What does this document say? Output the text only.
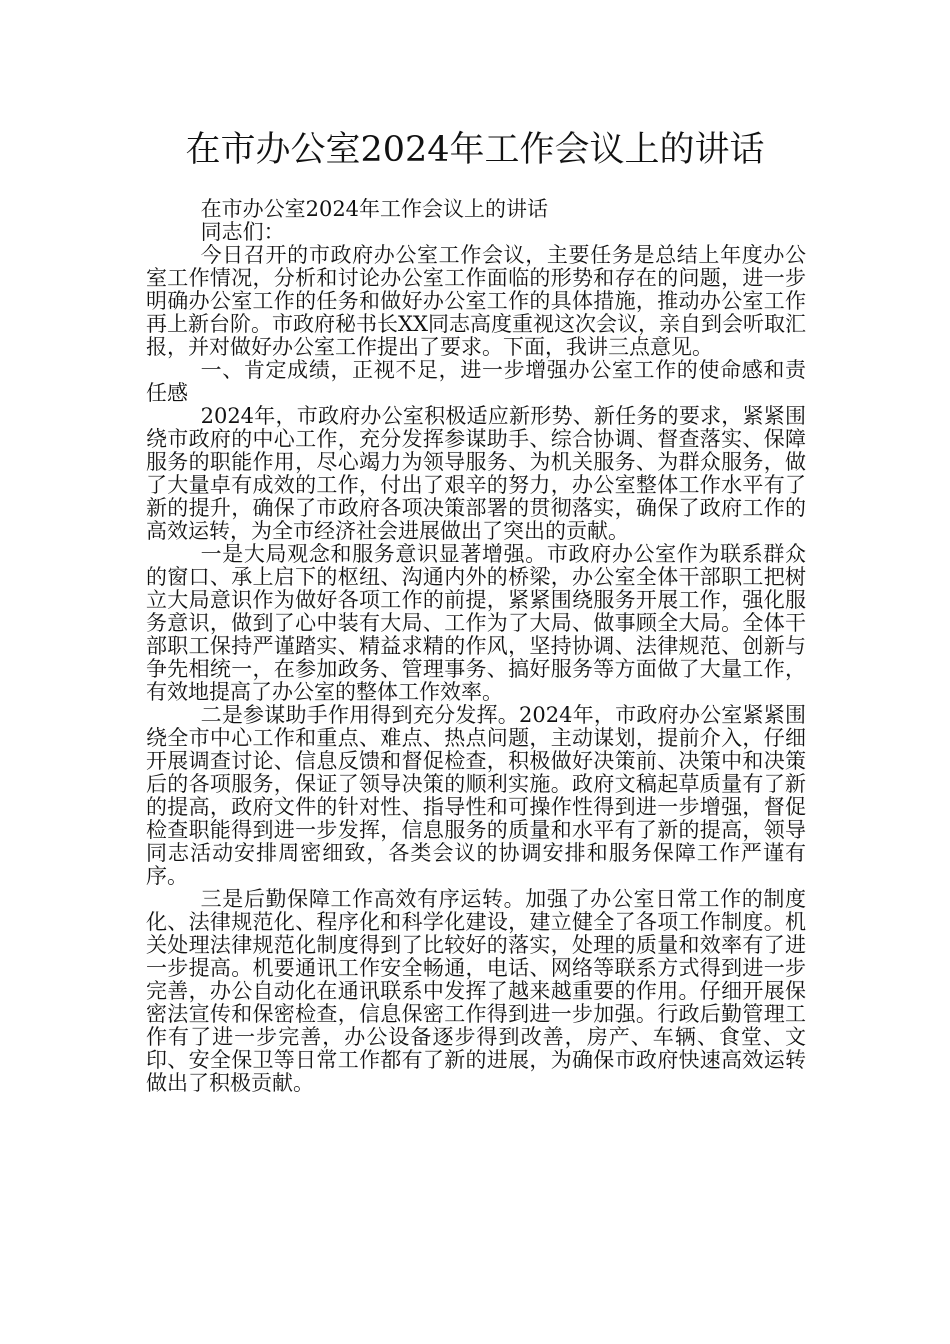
在市办公室2024年工作会议上的讲话

在市办公室2024年工作会议上的讲话

同志们：

今日召开的市政府办公室工作会议，主要任务是总结上年度办公室工作情况，分析和讨论办公室工作面临的形势和存在的问题，进一步明确办公室工作的任务和做好办公室工作的具体措施，推动办公室工作再上新台阶。市政府秘书长XX同志高度重视这次会议，亲自到会听取汇报，并对做好办公室工作提出了要求。下面，我讲三点意见。

一、肯定成绩，正视不足，进一步增强办公室工作的使命感和责任感

2024年，市政府办公室积极适应新形势、新任务的要求，紧紧围绕市政府的中心工作，充分发挥参谋助手、综合协调、督查落实、保障服务的职能作用，尽心竭力为领导服务、为机关服务、为群众服务，做了大量卓有成效的工作，付出了艰辛的努力，办公室整体工作水平有了新的提升，确保了市政府各项决策部署的贯彻落实，确保了政府工作的高效运转，为全市经济社会进展做出了突出的贡献。

一是大局观念和服务意识显著增强。市政府办公室作为联系群众的窗口、承上启下的枢纽、沟通内外的桥梁，办公室全体干部职工把树立大局意识作为做好各项工作的前提，紧紧围绕服务开展工作，强化服务意识，做到了心中装有大局、工作为了大局、做事顾全大局。全体干部职工保持严谨踏实、精益求精的作风，坚持协调、法律规范、创新与争先相统一，在参加政务、管理事务、搞好服务等方面做了大量工作，有效地提高了办公室的整体工作效率。

二是参谋助手作用得到充分发挥。2024年，市政府办公室紧紧围绕全市中心工作和重点、难点、热点问题，主动谋划，提前介入，仔细开展调查讨论、信息反馈和督促检查，积极做好决策前、决策中和决策后的各项服务，保证了领导决策的顺利实施。政府文稿起草质量有了新的提高，政府文件的针对性、指导性和可操作性得到进一步增强，督促检查职能得到进一步发挥，信息服务的质量和水平有了新的提高，领导同志活动安排周密细致，各类会议的协调安排和服务保障工作严谨有序。

三是后勤保障工作高效有序运转。加强了办公室日常工作的制度化、法律规范化、程序化和科学化建设，建立健全了各项工作制度。机关处理法律规范化制度得到了比较好的落实，处理的质量和效率有了进一步提高。机要通讯工作安全畅通，电话、网络等联系方式得到进一步完善，办公自动化在通讯联系中发挥了越来越重要的作用。仔细开展保密法宣传和保密检查，信息保密工作得到进一步加强。行政后勤管理工作有了进一步完善，办公设备逐步得到改善，房产、车辆、食堂、文印、安全保卫等日常工作都有了新的进展，为确保市政府快速高效运转做出了积极贡献。
